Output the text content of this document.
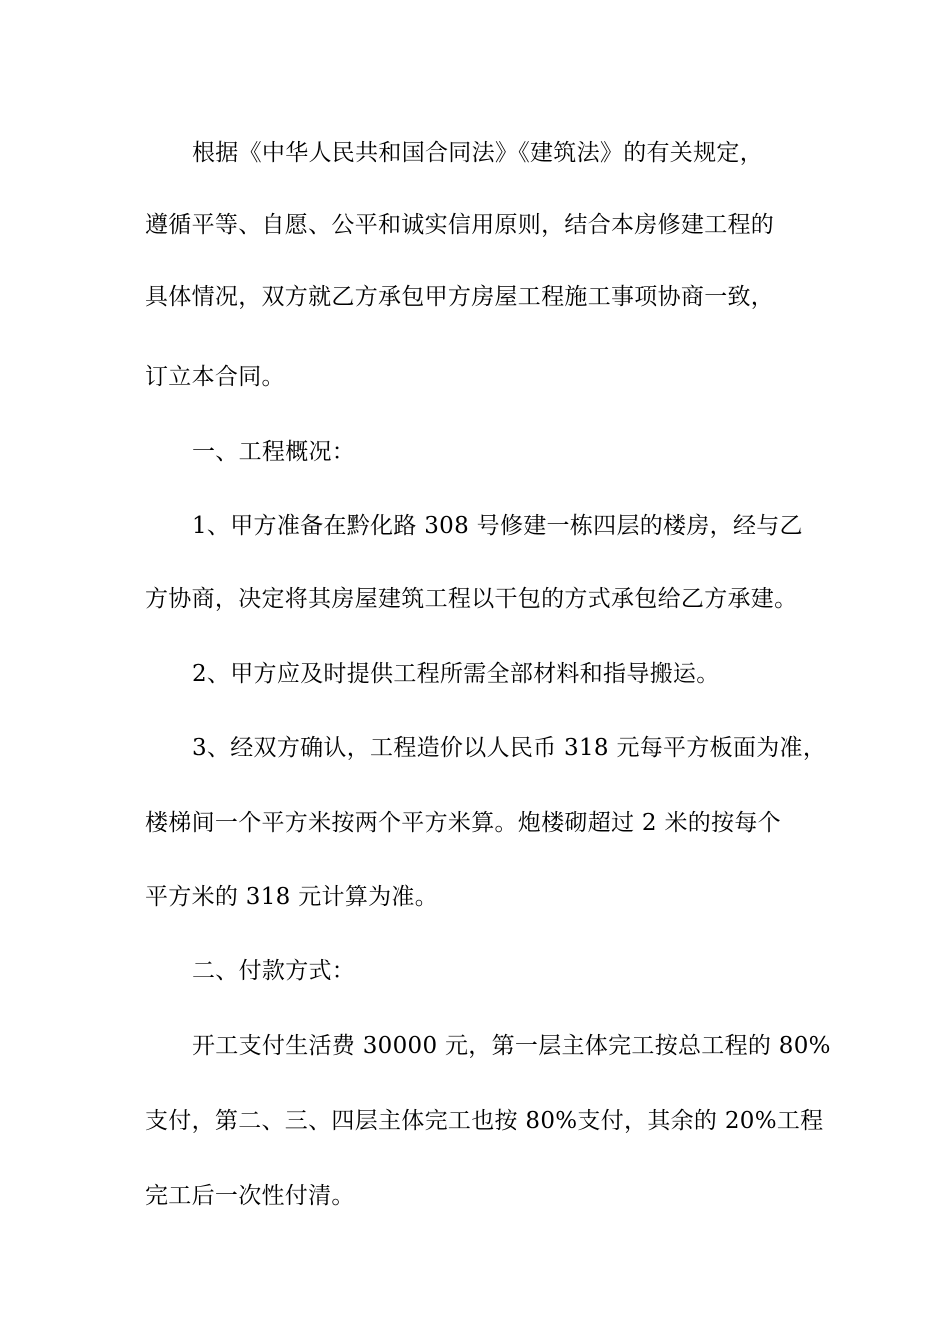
根据《中华人民共和国合同法》《建筑法》的有关规定，
遵循平等、自愿、公平和诚实信用原则，结合本房修建工程的
具体情况，双方就乙方承包甲方房屋工程施工事项协商一致，
订立本合同。
一、工程概况：
1、甲方准备在黔化路 308 号修建一栋四层的楼房，经与乙
方协商，决定将其房屋建筑工程以干包的方式承包给乙方承建。
2、甲方应及时提供工程所需全部材料和指导搬运。
3、经双方确认，工程造价以人民币 318 元每平方板面为准，
楼梯间一个平方米按两个平方米算。炮楼砌超过 2 米的按每个
平方米的 318 元计算为准。
二、付款方式：
开工支付生活费 30000 元，第一层主体完工按总工程的 80%
支付，第二、三、四层主体完工也按 80%支付，其余的 20%工程
完工后一次性付清。
